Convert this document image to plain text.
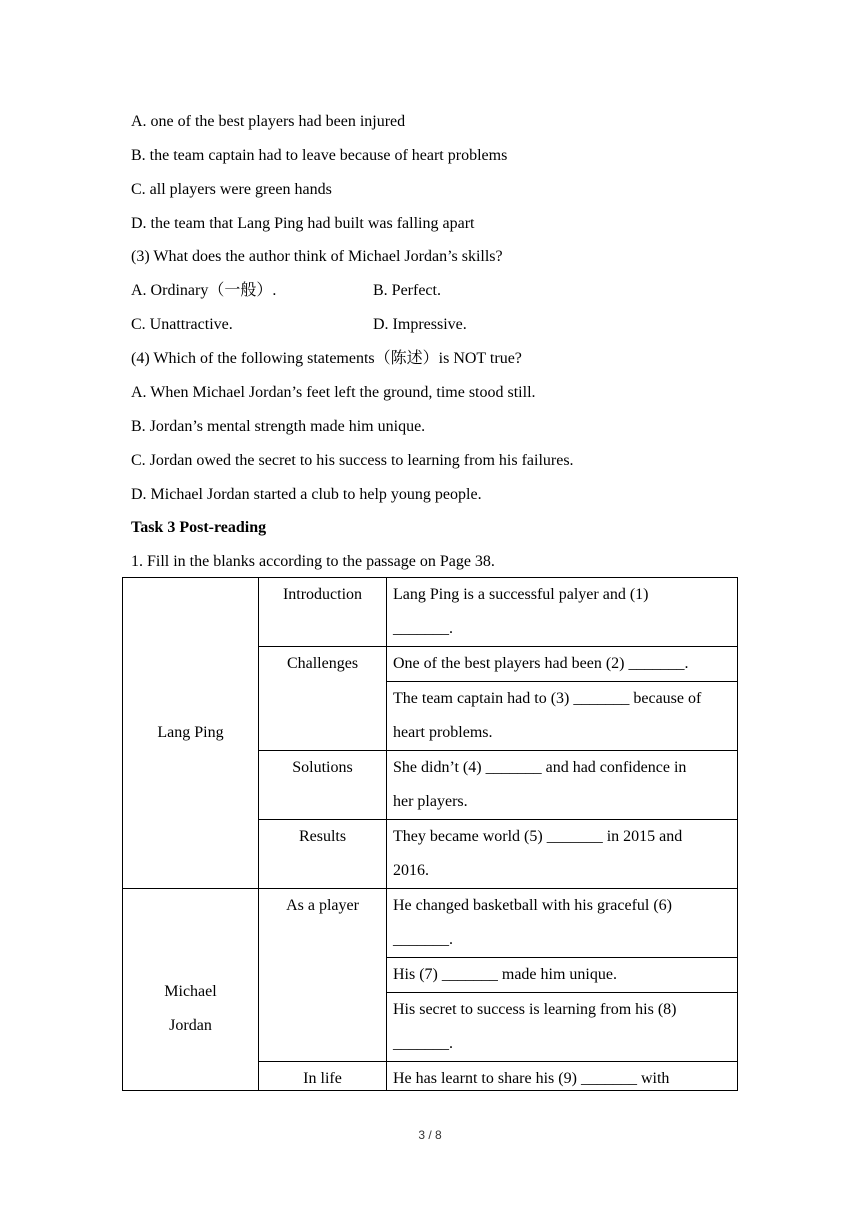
A. one of the best players had been injured
B. the team captain had to leave because of heart problems
C. all players were green hands
D. the team that Lang Ping had built was falling apart
(3) What does the author think of Michael Jordan’s skills?
A. Ordinary（一般）.	B. Perfect.
C. Unattractive.	D. Impressive.
(4) Which of the following statements（陈述）is NOT true?
A. When Michael Jordan’s feet left the ground, time stood still.
B. Jordan’s mental strength made him unique.
C. Jordan owed the secret to his success to learning from his failures.
D. Michael Jordan started a club to help young people.
Task 3 Post-reading
1. Fill in the blanks according to the passage on Page 38.
Lang Ping	Introduction	Lang Ping is a successful palyer and (1)
_______.

	Challenges	One of the best players had been (2) _______.

		The team captain had to (3) _______ because of
heart problems.

	Solutions	She didn’t (4) _______ and had confidence in
her players.

	Results	They became world (5) _______ in 2015 and
2016.

Michael
Jordan	As a player	He changed basketball with his graceful (6)
_______.

		His (7) _______ made him unique.

		His secret to success is learning from his (8)
_______.

	In life	He has learnt to share his (9) _______ with
3 / 8
